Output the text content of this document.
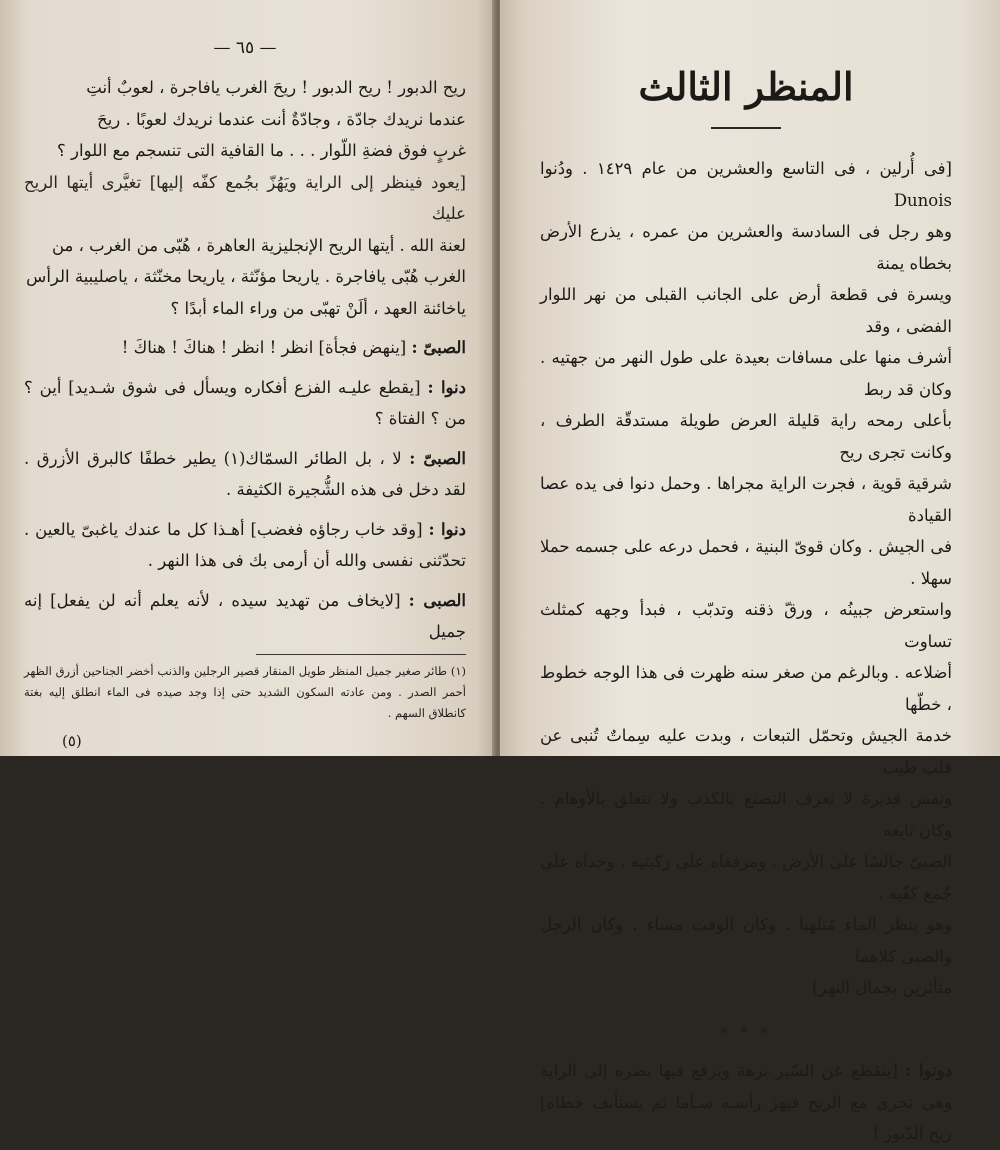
— ٦٥ —

ريح الدبور ! ريح الدبور ! ريحَ الغرب يافاجرة ، لعوبٌ أنتِ

عندما نريدك جادّة ، وجادّةٌ أنت عندما نريدك لعوبًا . ريحَ

غربٍ فوق فضةِ اللّوار . . . ما القافية التى تنسجم مع اللوار ؟

[يعود فينظر إلى الراية ويَهُزّ بجُمع كفّه إليها] تغيَّرى أيتها الريح عليك

لعنة الله . أيتها الريح الإنجليزية العاهرة ، هُبّى من الغرب ، من

الغرب هُبّى يافاجرة . ياريحا مؤنّثة ، ياريحا مخنّثة ، ياصليبية الرأس

ياخائنة العهد ، ألَنْ تهبّى من وراء الماء أبدًا ؟

الصبىّ : [ينهض فجأة] انظر ! انظر ! هناكَ ! هناكَ !

دنوا : [يقطع عليـه الفزع أفكاره ويسأل فى شوق شـديد] أين ؟ من ؟ الفتاة ؟

الصبىّ : لا ، بل الطائر السمّاك(١) يطير خطفًا كالبرق الأزرق . لقد دخل فى هذه الشُّجيرة الكثيفة .

دنوا : [وقد خاب رجاؤه فغضب] أهـذا كل ما عندك ياغبىّ يالعين . تحدّثنى نفسى والله أن أرمى بك فى هذا النهر .

الصبى : [لايخاف من تهديد سيده ، لأنه يعلم أنه لن يفعل] إنه جميل

(١) طائر صغير جميل المنظر طويل المنقار قصير الرجلين والذنب أخضر الجناحين أزرق الظهر أحمر الصدر . ومن عادته السكون الشديد حتى إذا وجد صيده فى الماء انطلق إليه بغتة كانطلاق السهم .
(٥)
المنظر الثالث

[فى أُرلين ، فى التاسع والعشرين من عام ١٤٢٩ . ودُنوا Dunois

وهو رجل فى السادسة والعشرين من عمره ، يذرع الأرض بخطاه يمنة

ويسرة فى قطعة أرض على الجانب القبلى من نهر اللوار الفضى ، وقد

أشرف منها على مسافات بعيدة على طول النهر من جهتيه . وكان قد ربط

بأعلى رمحه راية قليلة العرض طويلة مستدقّة الطرف ، وكانت تجرى ريح

شرقية قوية ، فجرت الراية مجراها . وحمل دنوا فى يده عصا القيادة

فى الجيش . وكان قوىّ البنية ، فحمل درعه على جسمه حملا سهلا .

واستعرض جبينُه ، ورقّ ذقنه وتدبّب ، فبدأ وجهه كمثلث تساوت

أضلاعه . وبالرغم من صغر سنه ظهرت فى هذا الوجه خطوط ، خطّها

خدمة الجيش وتحمّل التبعات ، وبدت عليه سِماتٌ تُنبى عن قلب طيب

ونفس قديرة لا تعرف التصنع بالكذب ولا تتعلق بالأوهام . وكان تابعه

الصبىّ جالسًا على الأرض ، ومرفقاه على ركبتيه ، وخداه على جُمع كفّيه ،

وهو ينظر الماء مُتلهيا . وكان الوقت مساء . وكان الرجل والصبى كلاهما

متأثرين بجمال النهر]

* * *

دونوا : [ينقطع عن السّير برهة ويرفع فيها بصره إلى الراية وهى تجرى مع الريح فيهز رأسـه سـأما ثم يستأنف خطاه] ريح الدّبور !
